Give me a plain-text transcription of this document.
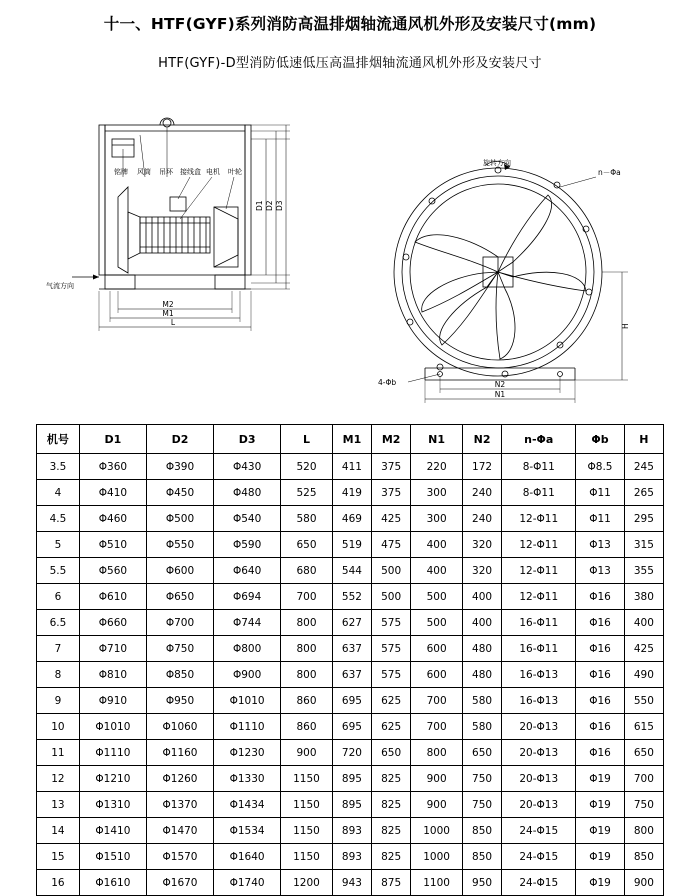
十一、HTF(GYF)系列消防高温排烟轴流通风机外形及安装尺寸(mm)
HTF(GYF)-D型消防低速低压高温排烟轴流通风机外形及安装尺寸
铭牌 风筒 吊环 接线盒 电机 叶轮
气流方向
旋转方向
D1 D2 D3
M2
M1
L
n－Φa
4-Φb
H
N2
N1
机号	D1	D2	D3	L	M1	M2	N1	N2	n-Φa	Φb	H
3.5	Φ360	Φ390	Φ430	520	411	375	220	172	8-Φ11	Φ8.5	245
4	Φ410	Φ450	Φ480	525	419	375	300	240	8-Φ11	Φ11	265
4.5	Φ460	Φ500	Φ540	580	469	425	300	240	12-Φ11	Φ11	295
5	Φ510	Φ550	Φ590	650	519	475	400	320	12-Φ11	Φ13	315
5.5	Φ560	Φ600	Φ640	680	544	500	400	320	12-Φ11	Φ13	355
6	Φ610	Φ650	Φ694	700	552	500	500	400	12-Φ11	Φ16	380
6.5	Φ660	Φ700	Φ744	800	627	575	500	400	16-Φ11	Φ16	400
7	Φ710	Φ750	Φ800	800	637	575	600	480	16-Φ11	Φ16	425
8	Φ810	Φ850	Φ900	800	637	575	600	480	16-Φ13	Φ16	490
9	Φ910	Φ950	Φ1010	860	695	625	700	580	16-Φ13	Φ16	550
10	Φ1010	Φ1060	Φ1110	860	695	625	700	580	20-Φ13	Φ16	615
11	Φ1110	Φ1160	Φ1230	900	720	650	800	650	20-Φ13	Φ16	650
12	Φ1210	Φ1260	Φ1330	1150	895	825	900	750	20-Φ13	Φ19	700
13	Φ1310	Φ1370	Φ1434	1150	895	825	900	750	20-Φ13	Φ19	750
14	Φ1410	Φ1470	Φ1534	1150	893	825	1000	850	24-Φ15	Φ19	800
15	Φ1510	Φ1570	Φ1640	1150	893	825	1000	850	24-Φ15	Φ19	850
16	Φ1610	Φ1670	Φ1740	1200	943	875	1100	950	24-Φ15	Φ19	900
